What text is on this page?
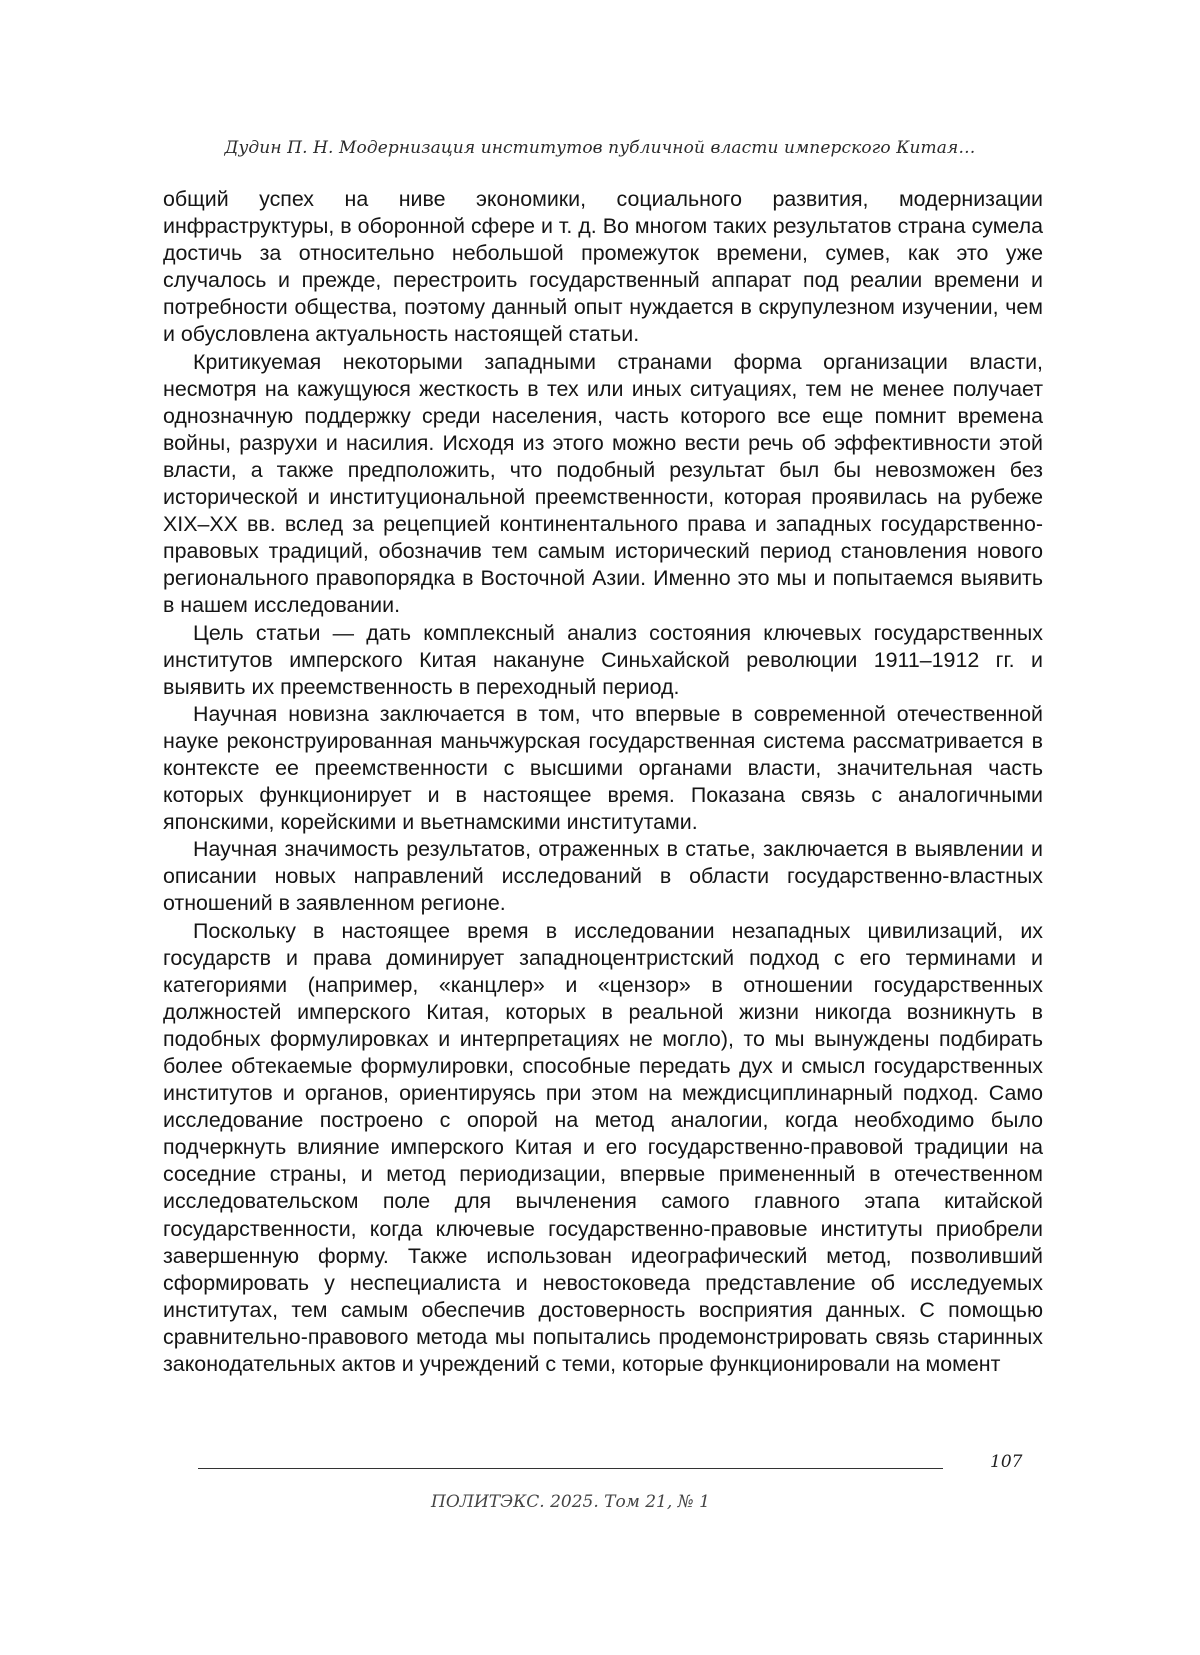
Дудин П. Н. Модернизация институтов публичной власти имперского Китая…

общий успех на ниве экономики, социального развития, модернизации инфраструктуры, в оборонной сфере и т. д. Во многом таких результатов страна сумела достичь за относительно небольшой промежуток времени, сумев, как это уже случалось и прежде, перестроить государственный аппарат под реалии времени и потребности общества, поэтому данный опыт нуждается в скрупулезном изучении, чем и обусловлена актуальность настоящей статьи.

Критикуемая некоторыми западными странами форма организации власти, несмотря на кажущуюся жесткость в тех или иных ситуациях, тем не менее получает однозначную поддержку среди населения, часть которого все еще помнит времена войны, разрухи и насилия. Исходя из этого можно вести речь об эффективности этой власти, а также предположить, что подобный результат был бы невозможен без исторической и институциональной преемственности, которая проявилась на рубеже XIX–XX вв. вслед за рецепцией континентального права и западных государственно-правовых традиций, обозначив тем самым исторический период становления нового регионального правопорядка в Восточной Азии. Именно это мы и попытаемся выявить в нашем исследовании.

Цель статьи — дать комплексный анализ состояния ключевых государственных институтов имперского Китая накануне Синьхайской революции 1911–1912 гг. и выявить их преемственность в переходный период.

Научная новизна заключается в том, что впервые в современной отечественной науке реконструированная маньчжурская государственная система рассматривается в контексте ее преемственности с высшими органами власти, значительная часть которых функционирует и в настоящее время. Показана связь с аналогичными японскими, корейскими и вьетнамскими институтами.

Научная значимость результатов, отраженных в статье, заключается в выявлении и описании новых направлений исследований в области государственно-властных отношений в заявленном регионе.

Поскольку в настоящее время в исследовании незападных цивилизаций, их государств и права доминирует западноцентристский подход с его терминами и категориями (например, «канцлер» и «цензор» в отношении государственных должностей имперского Китая, которых в реальной жизни никогда возникнуть в подобных формулировках и интерпретациях не могло), то мы вынуждены подбирать более обтекаемые формулировки, способные передать дух и смысл государственных институтов и органов, ориентируясь при этом на междисциплинарный подход. Само исследование построено с опорой на метод аналогии, когда необходимо было подчеркнуть влияние имперского Китая и его государственно-правовой традиции на соседние страны, и метод периодизации, впервые примененный в отечественном исследовательском поле для вычленения самого главного этапа китайской государственности, когда ключевые государственно-правовые институты приобрели завершенную форму. Также использован идеографический метод, позволивший сформировать у неспециалиста и невостоковеда представление об исследуемых институтах, тем самым обеспечив достоверность восприятия данных. С помощью сравнительно-правового метода мы попытались продемонстрировать связь старинных законодательных актов и учреждений с теми, которые функционировали на момент

107
ПОЛИТЭКС. 2025. Том 21, № 1
